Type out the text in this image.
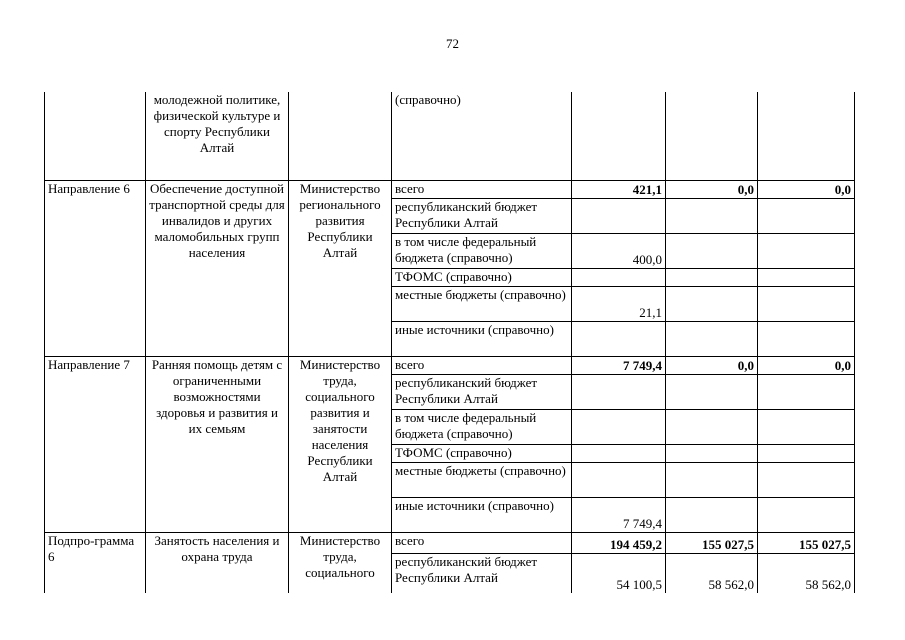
72
	молодежной политике, физической культуре и спорту Республики Алтай		(справочно)			
Направление 6	Обеспечение доступной транспортной среды для инвалидов и других маломобильных групп населения	Министерство регионального развития Республики Алтай	всего	421,1	0,0	0,0
			республиканский бюджет Республики Алтай			
			в том числе федеральный бюджета (справочно)	400,0		
			ТФОМС (справочно)			
			местные бюджеты (справочно)	21,1		
			иные источники (справочно)			
Направление 7	Ранняя помощь детям с ограниченными возможностями здоровья и развития и их семьям	Министерство труда, социального развития и занятости населения Республики Алтай	всего	7 749,4	0,0	0,0
			республиканский бюджет Республики Алтай			
			в том числе федеральный бюджета (справочно)			
			ТФОМС (справочно)			
			местные бюджеты (справочно)			
			иные источники (справочно)	7 749,4		
Подпро-грамма 6	Занятость населения и охрана труда	Министерство труда, социального	всего	194 459,2	155 027,5	155 027,5
			республиканский бюджет Республики Алтай	54 100,5	58 562,0	58 562,0
